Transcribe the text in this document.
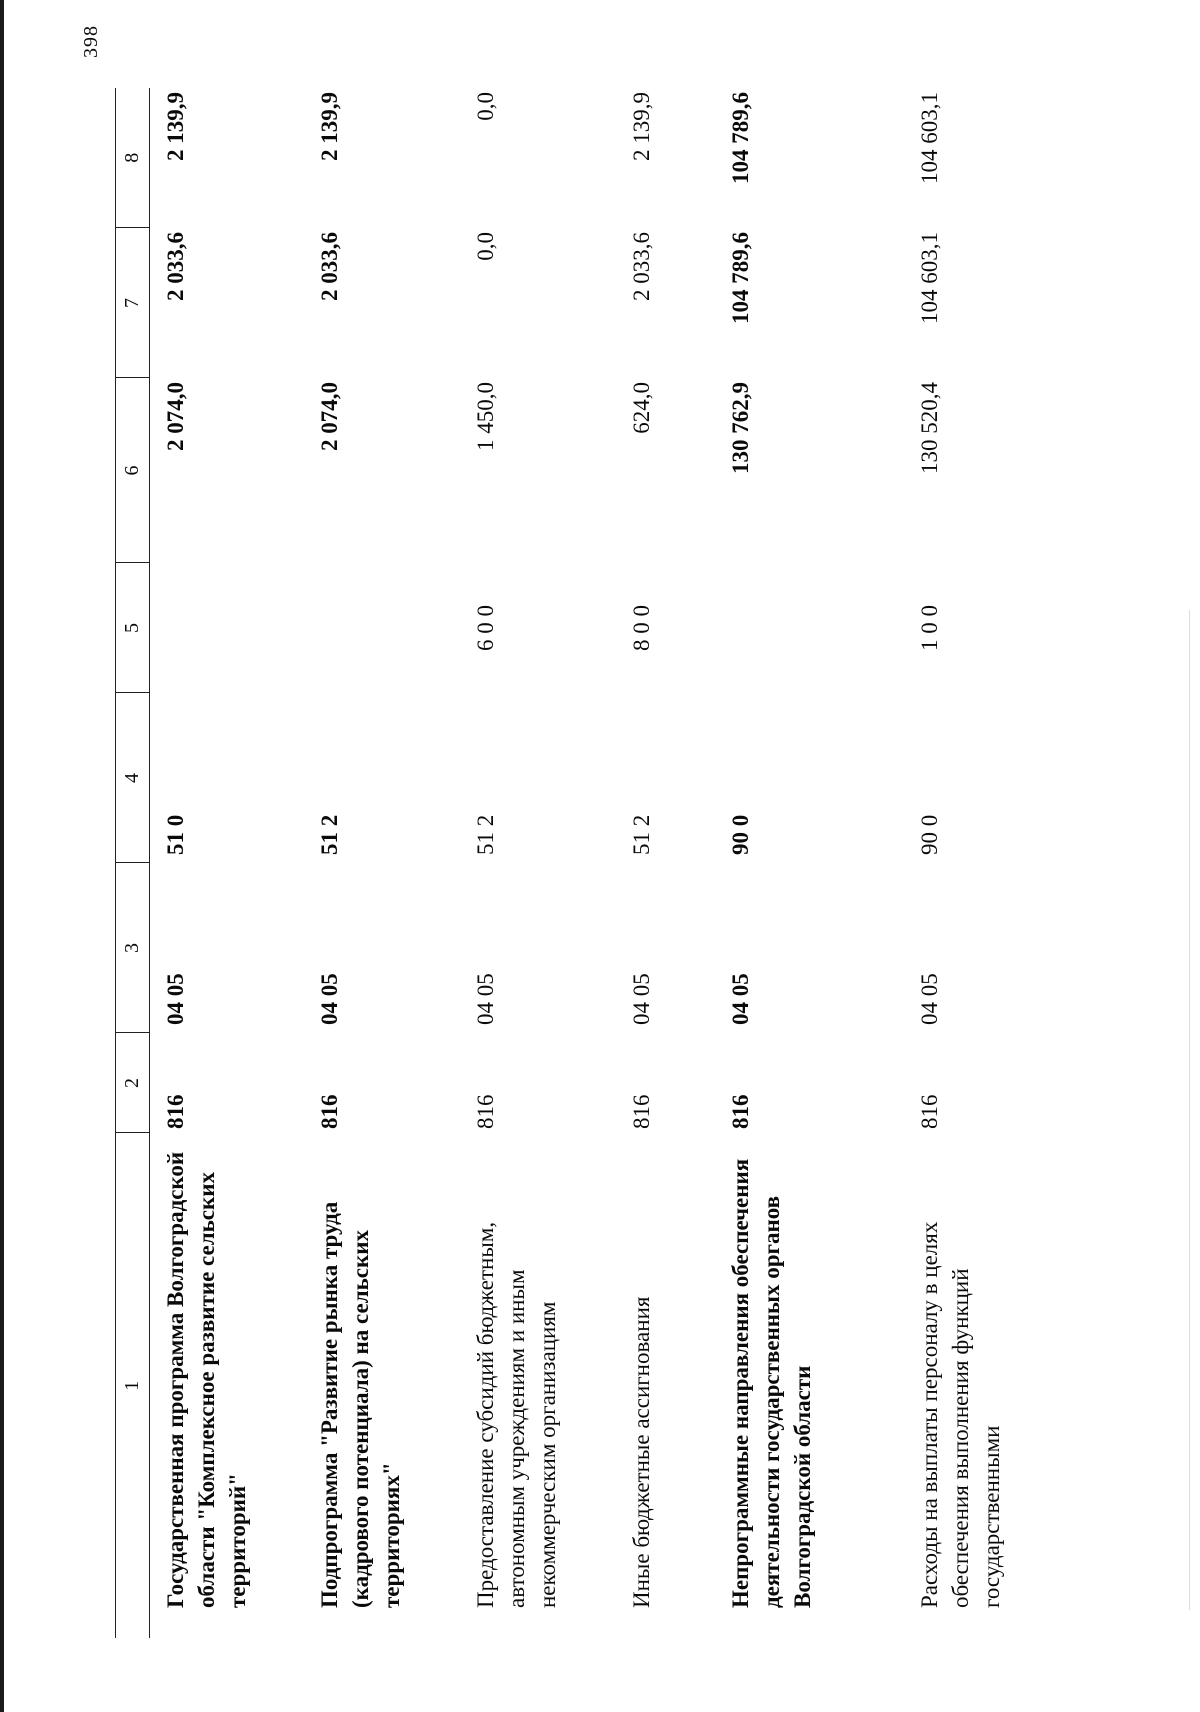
398
1	2	3	4	5	6	7	8
Государственная программа Волгоградской области "Комплексное развитие сельских территорий"	816	04 05	51 0		2 074,0	2 033,6	2 139,9
Подпрограмма "Развитие рынка труда (кадрового потенциала) на сельских территориях"	816	04 05	51 2		2 074,0	2 033,6	2 139,9
Предоставление субсидий бюджетным, автономным учреждениям и иным некоммерческим организациям	816	04 05	51 2	6 0 0	1 450,0	0,0	0,0
Иные бюджетные ассигнования	816	04 05	51 2	8 0 0	624,0	2 033,6	2 139,9
Непрограммные направления обеспечения деятельности государственных органов Волгоградской области	816	04 05	90 0		130 762,9	104 789,6	104 789,6
Расходы на выплаты персоналу в целях обеспечения выполнения функций государственными	816	04 05	90 0	1 0 0	130 520,4	104 603,1	104 603,1
